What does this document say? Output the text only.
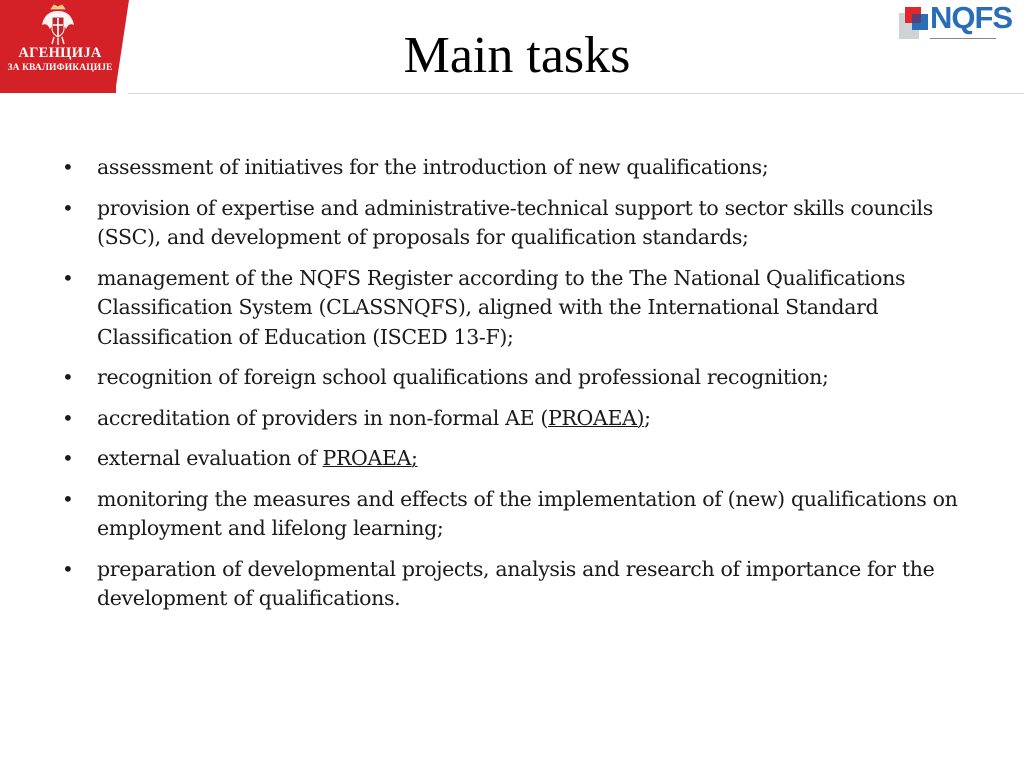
АГЕНЦИЈА
ЗА КВАЛИФИКАЦИЈЕ	Main tasks
NQFS
▬▬▬▬▬▬▬▬▬▬▬▬▬▬▬▬▬▬▬▬▬▬
• assessment of initiatives for the introduction of new qualifications;
• provision of expertise and administrative-technical support to sector skills councils (SSC), and development of proposals for qualification standards;
• management of the NQFS Register according to the The National Qualifications Classification System (CLASSNQFS), aligned with the International Standard Classification of Education (ISCED 13-F);
• recognition of foreign school qualifications and professional recognition;
• accreditation of providers in non-formal AE (PROAEA);
• external evaluation of PROAEA;
• monitoring the measures and effects of the implementation of (new) qualifications on employment and lifelong learning;
• preparation of developmental projects, analysis and research of importance for the development of qualifications.
